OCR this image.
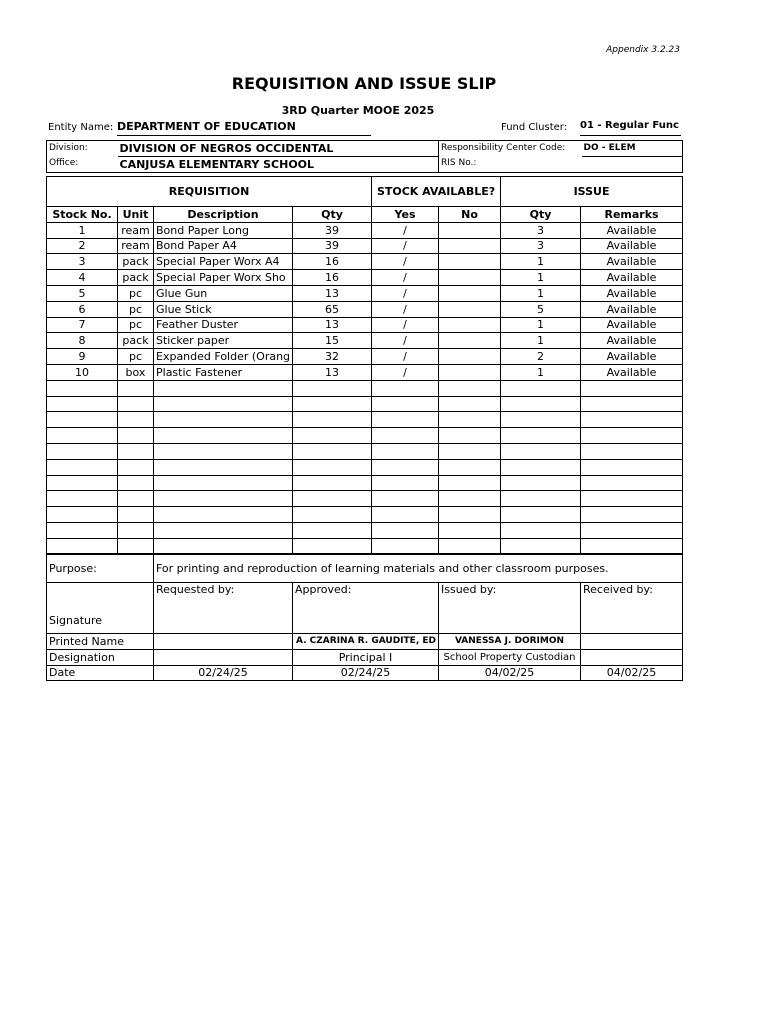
Appendix 3.2.23
REQUISITION AND ISSUE SLIP
3RD Quarter MOOE 2025
Entity Name: DEPARTMENT OF EDUCATION	Fund Cluster: 01 - Regular Func
Division:	DIVISION OF NEGROS OCCIDENTAL	Responsibility Center Code:	DO - ELEM
Office:	CANJUSA ELEMENTARY SCHOOL	RIS No.:	
REQUISITION				STOCK AVAILABLE?		ISSUE	
Stock No.	Unit	Description	Qty	Yes	No	Qty	Remarks
1	ream	Bond Paper Long	39	/		3	Available
2	ream	Bond Paper A4	39	/		3	Available
3	pack	Special Paper Worx A4	16	/		1	Available
4	pack	Special Paper Worx Sho	16	/		1	Available
5	pc	Glue Gun	13	/		1	Available
6	pc	Glue Stick	65	/		5	Available
7	pc	Feather Duster	13	/		1	Available
8	pack	Sticker paper	15	/		1	Available
9	pc	Expanded Folder (Orang	32	/		2	Available
10	box	Plastic Fastener	13	/		1	Available

Purpose:	For printing and reproduction of learning materials and other classroom purposes.			
Signature	Requested by:	Approved:	Issued by:	Received by:
Printed Name		A. CZARINA R. GAUDITE, ED	VANESSA J. DORIMON	
Designation		Principal I	School Property Custodian	
Date	02/24/25	02/24/25	04/02/25	04/02/25
